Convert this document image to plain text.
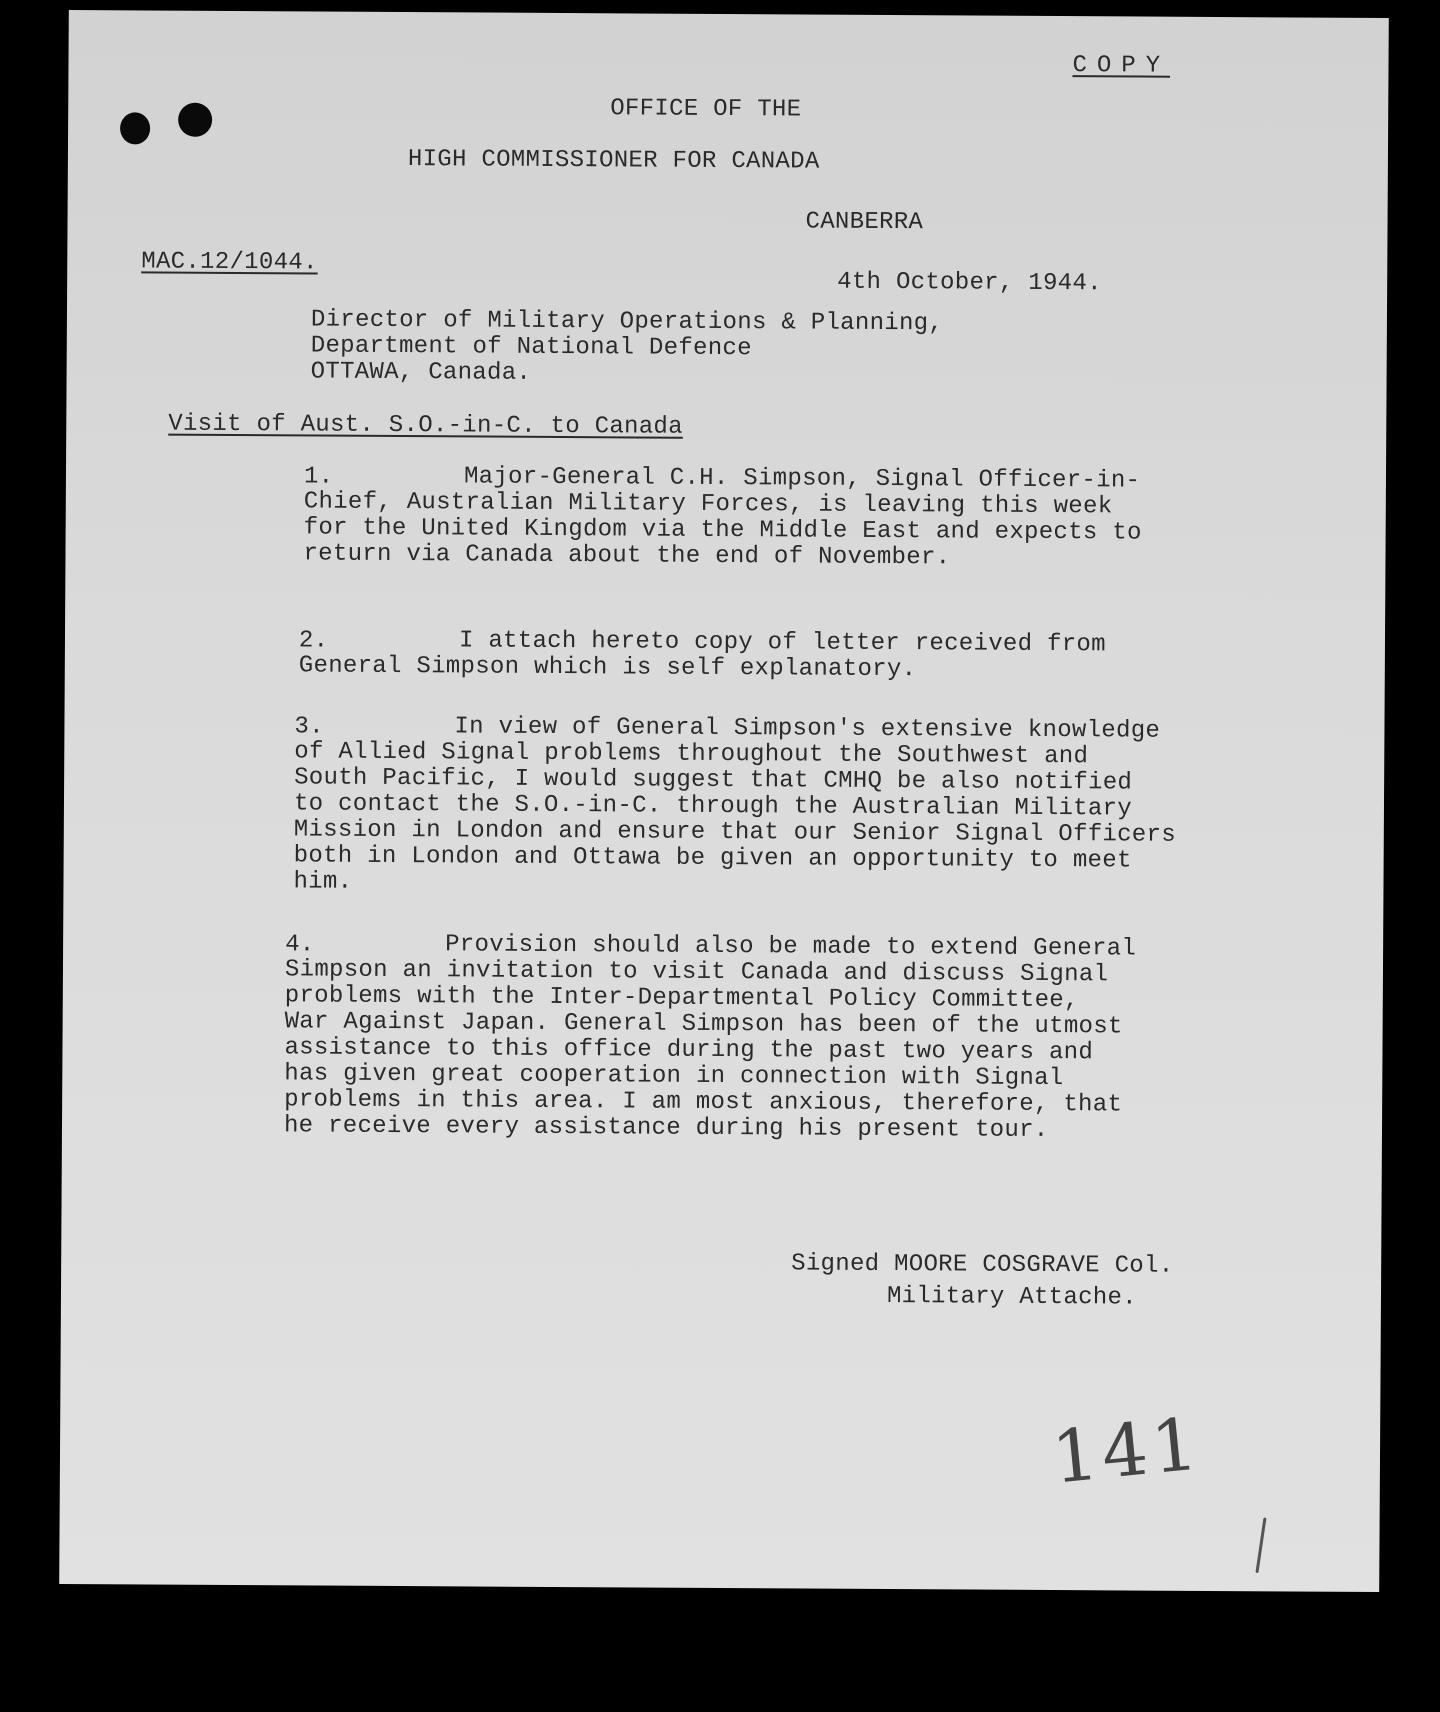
COPY
OFFICE OF THE
HIGH COMMISSIONER FOR CANADA
CANBERRA
MAC.12/1044.
4th October, 1944.
Director of Military Operations & Planning,
Department of National Defence
OTTAWA, Canada.
Visit of Aust. S.O.-in-C. to Canada
1.	Major-General C.H. Simpson, Signal Officer-in-
Chief, Australian Military Forces, is leaving this week
for the United Kingdom via the Middle East and expects to
return via Canada about the end of November.
2.	I attach hereto copy of letter received from
General Simpson which is self explanatory.
3.	In view of General Simpson's extensive knowledge
of Allied Signal problems throughout the Southwest and
South Pacific, I would suggest that CMHQ be also notified
to contact the S.O.-in-C. through the Australian Military
Mission in London and ensure that our Senior Signal Officers
both in London and Ottawa be given an opportunity to meet
him.
4.	Provision should also be made to extend General
Simpson an invitation to visit Canada and discuss Signal
problems with the Inter-Departmental Policy Committee,
War Against Japan. General Simpson has been of the utmost
assistance to this office during the past two years and
has given great cooperation in connection with Signal
problems in this area. I am most anxious, therefore, that
he receive every assistance during his present tour.
Signed MOORE COSGRAVE Col.
Military Attache.
141
